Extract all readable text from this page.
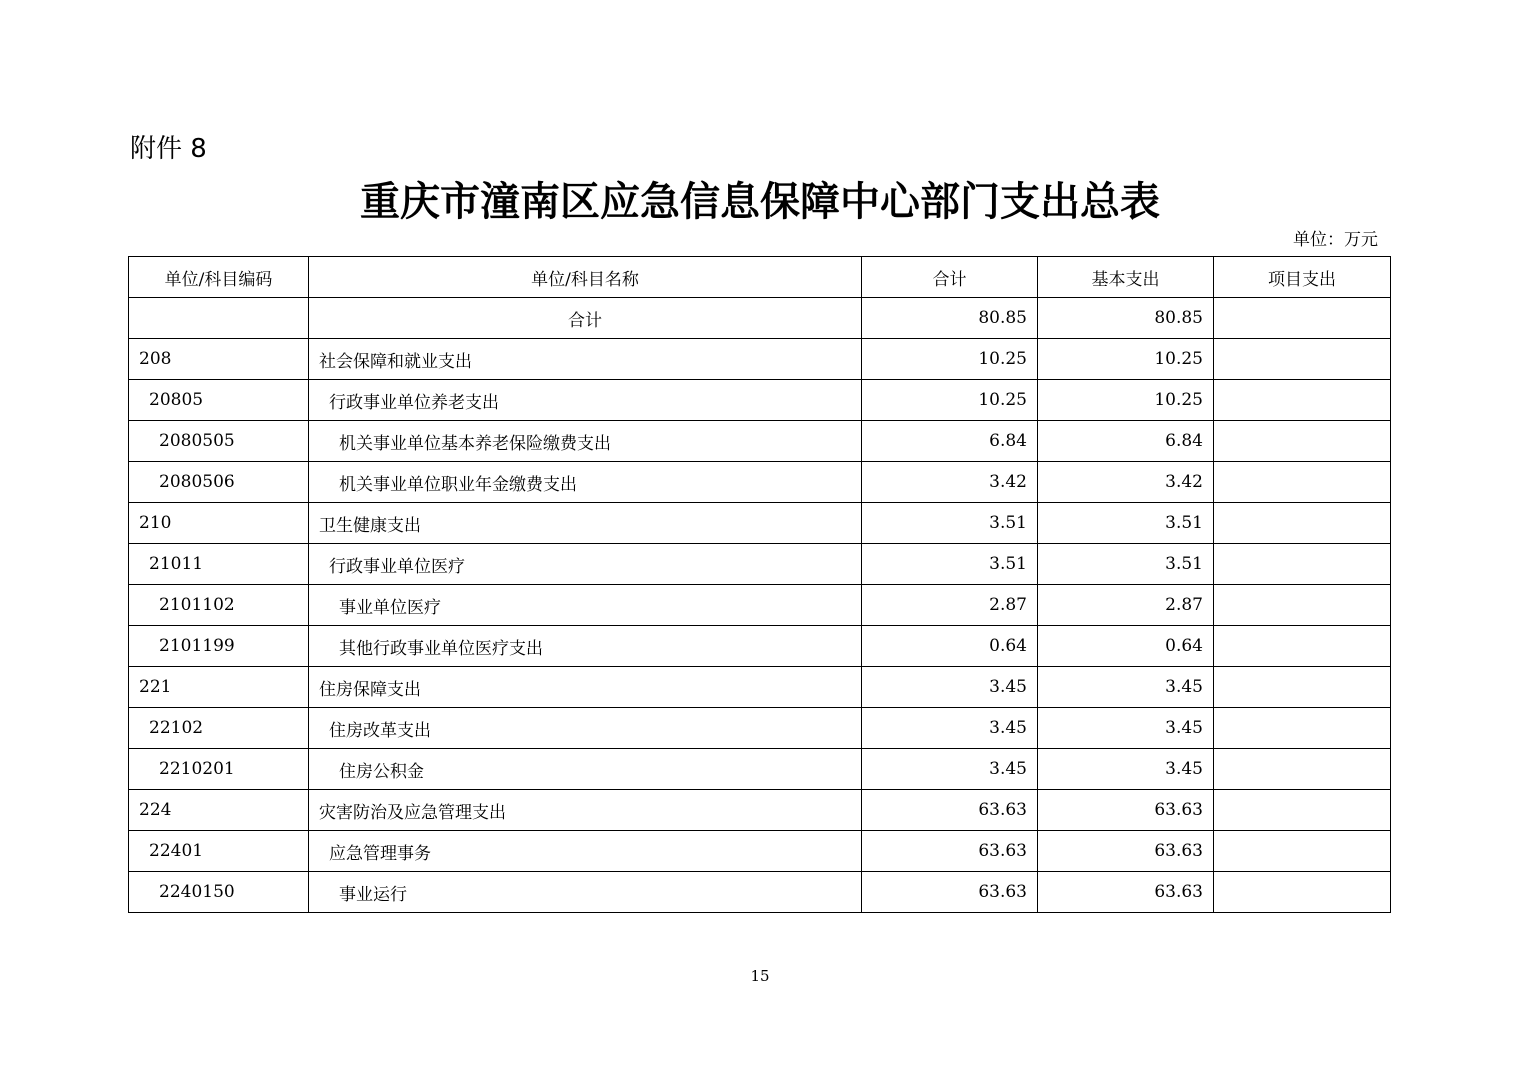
附件 8
重庆市潼南区应急信息保障中心部门支出总表
单位：万元
单位/科目编码	单位/科目名称	合计	基本支出	项目支出
	合计	80.85	80.85	
208	社会保障和就业支出	10.25	10.25	
20805	行政事业单位养老支出	10.25	10.25	
2080505	机关事业单位基本养老保险缴费支出	6.84	6.84	
2080506	机关事业单位职业年金缴费支出	3.42	3.42	
210	卫生健康支出	3.51	3.51	
21011	行政事业单位医疗	3.51	3.51	
2101102	事业单位医疗	2.87	2.87	
2101199	其他行政事业单位医疗支出	0.64	0.64	
221	住房保障支出	3.45	3.45	
22102	住房改革支出	3.45	3.45	
2210201	住房公积金	3.45	3.45	
224	灾害防治及应急管理支出	63.63	63.63	
22401	应急管理事务	63.63	63.63	
2240150	事业运行	63.63	63.63	
15
